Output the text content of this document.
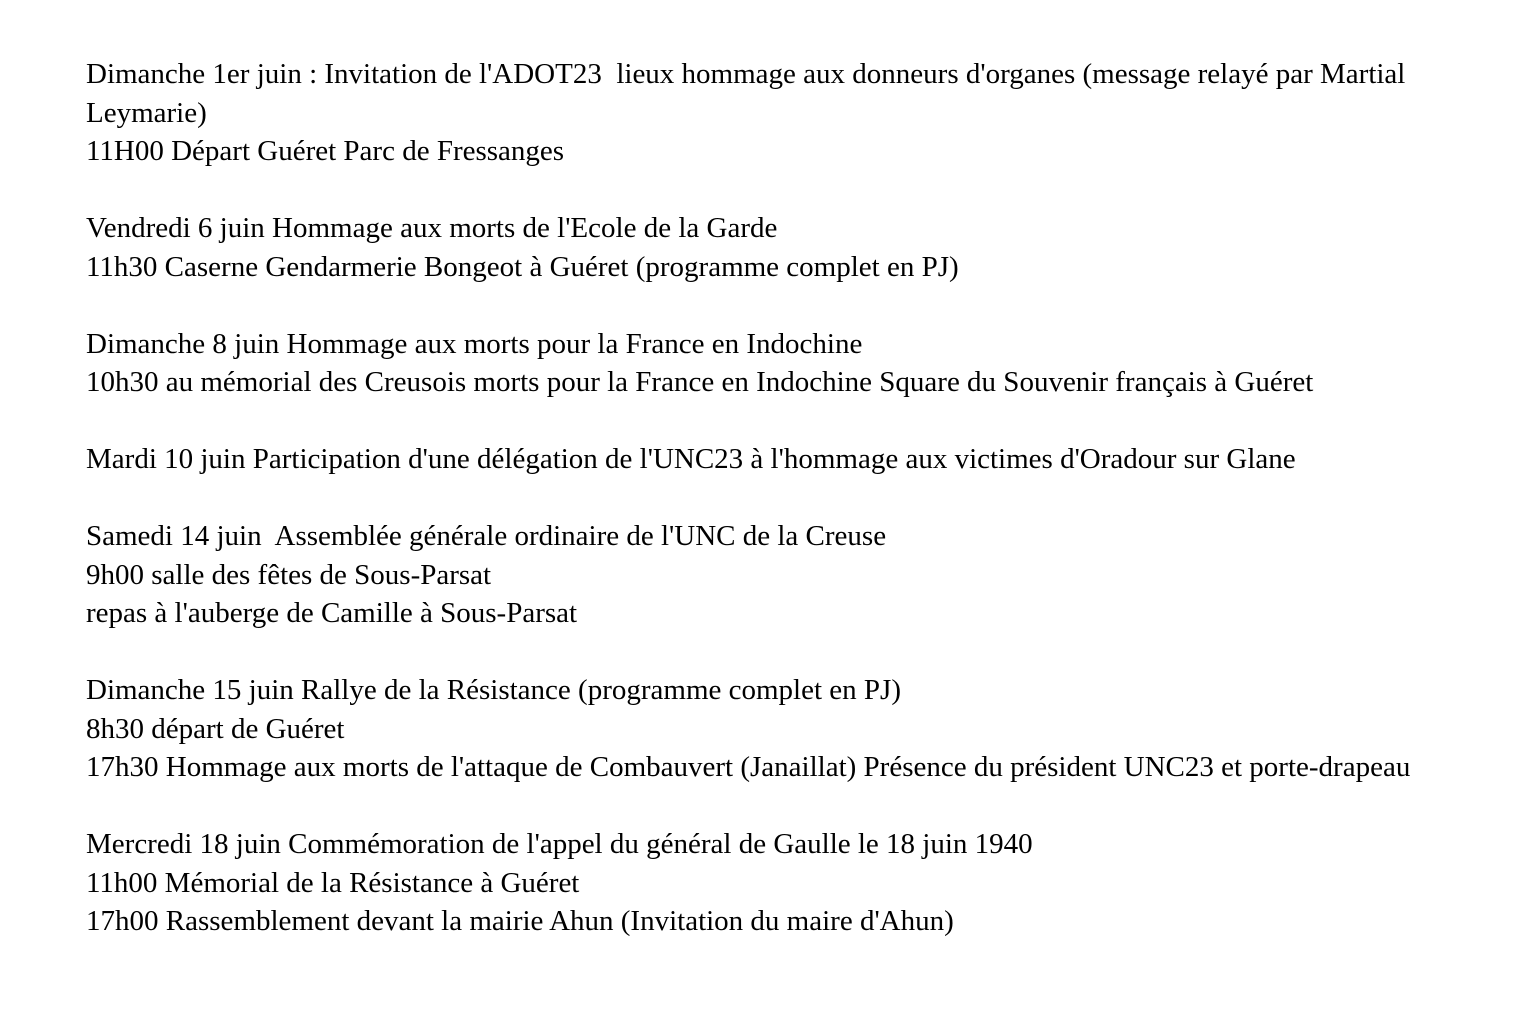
Dimanche 1er juin : Invitation de l'ADOT23  lieux hommage aux donneurs d'organes (message relayé par Martial Leymarie)
11H00 Départ Guéret Parc de Fressanges
Vendredi 6 juin Hommage aux morts de l'Ecole de la Garde
11h30 Caserne Gendarmerie Bongeot à Guéret (programme complet en PJ)
Dimanche 8 juin Hommage aux morts pour la France en Indochine
10h30 au mémorial des Creusois morts pour la France en Indochine Square du Souvenir français à Guéret
Mardi 10 juin Participation d'une délégation de l'UNC23 à l'hommage aux victimes d'Oradour sur Glane
Samedi 14 juin  Assemblée générale ordinaire de l'UNC de la Creuse
9h00 salle des fêtes de Sous-Parsat
repas à l'auberge de Camille à Sous-Parsat
Dimanche 15 juin Rallye de la Résistance (programme complet en PJ)
8h30 départ de Guéret
17h30 Hommage aux morts de l'attaque de Combauvert (Janaillat) Présence du président UNC23 et porte-drapeau
Mercredi 18 juin Commémoration de l'appel du général de Gaulle le 18 juin 1940
11h00 Mémorial de la Résistance à Guéret
17h00 Rassemblement devant la mairie Ahun (Invitation du maire d'Ahun)
